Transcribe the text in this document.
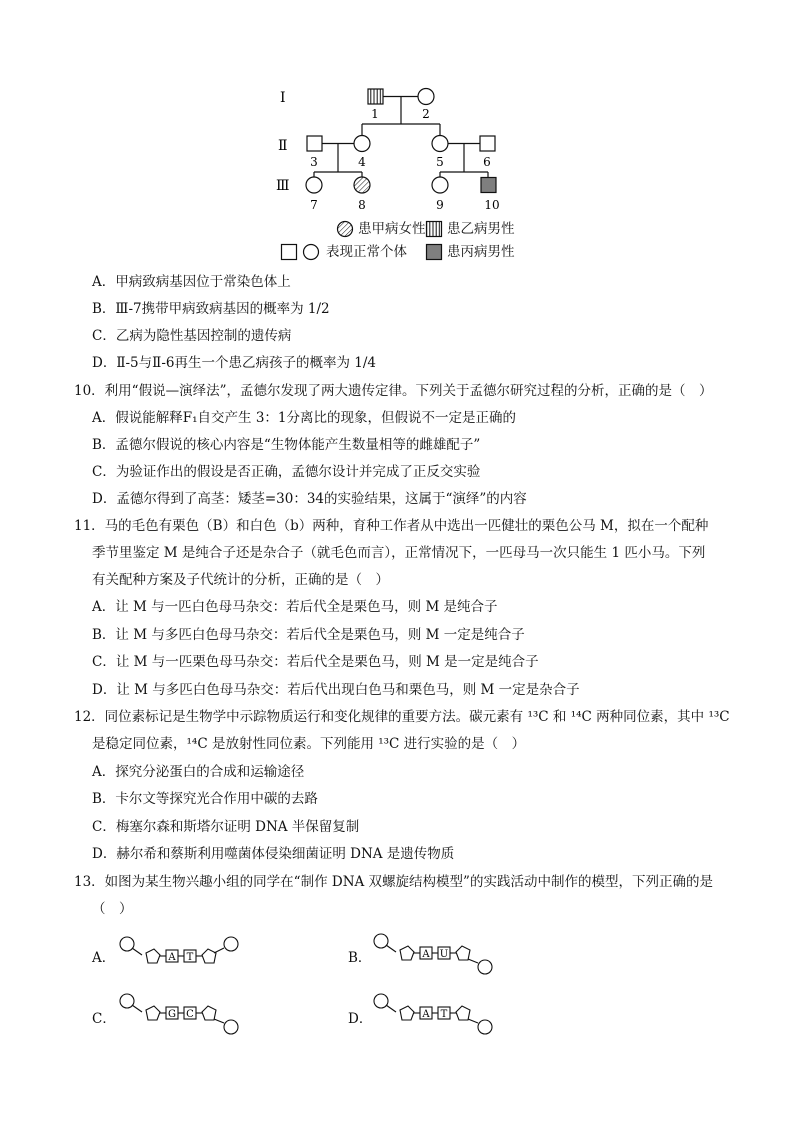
Ⅰ
Ⅱ
Ⅲ
1	2
3	4	5	6
7	8	9	10
患甲病女性 患乙病男性
表现正常个体	患丙病男性
A．甲病致病基因位于常染色体上
B．Ⅲ-7携带甲病致病基因的概率为 1/2
C．乙病为隐性基因控制的遗传病
D．Ⅱ-5与Ⅱ-6再生一个患乙病孩子的概率为 1/4
10．利用“假说—演绎法”，孟德尔发现了两大遗传定律。下列关于孟德尔研究过程的分析，正确的是（　）
A．假说能解释F₁自交产生 3：1分离比的现象，但假说不一定是正确的
B．孟德尔假说的核心内容是“生物体能产生数量相等的雌雄配子”
C．为验证作出的假设是否正确，孟德尔设计并完成了正反交实验
D．孟德尔得到了高茎：矮茎=30：34的实验结果，这属于“演绎”的内容
11．马的毛色有栗色（B）和白色（b）两种，育种工作者从中选出一匹健壮的栗色公马 M，拟在一个配种
季节里鉴定 M 是纯合子还是杂合子（就毛色而言），正常情况下，一匹母马一次只能生 1 匹小马。下列
有关配种方案及子代统计的分析，正确的是（　）
A．让 M 与一匹白色母马杂交：若后代全是栗色马，则 M 是纯合子
B．让 M 与多匹白色母马杂交：若后代全是栗色马，则 M 一定是纯合子
C．让 M 与一匹栗色母马杂交：若后代全是栗色马，则 M 是一定是纯合子
D．让 M 与多匹白色母马杂交：若后代出现白色马和栗色马，则 M 一定是杂合子
12．同位素标记是生物学中示踪物质运行和变化规律的重要方法。碳元素有 ¹³C 和 ¹⁴C 两种同位素，其中 ¹³C
是稳定同位素，¹⁴C 是放射性同位素。下列能用 ¹³C 进行实验的是（　）
A．探究分泌蛋白的合成和运输途径
B．卡尔文等探究光合作用中碳的去路
C．梅塞尔森和斯塔尔证明 DNA 半保留复制
D．赫尔希和蔡斯利用噬菌体侵染细菌证明 DNA 是遗传物质
13．如图为某生物兴趣小组的同学在“制作 DNA 双螺旋结构模型”的实践活动中制作的模型，下列正确的是
（　）
A．	A T	B．	A U
C．	G C	D．	A T
